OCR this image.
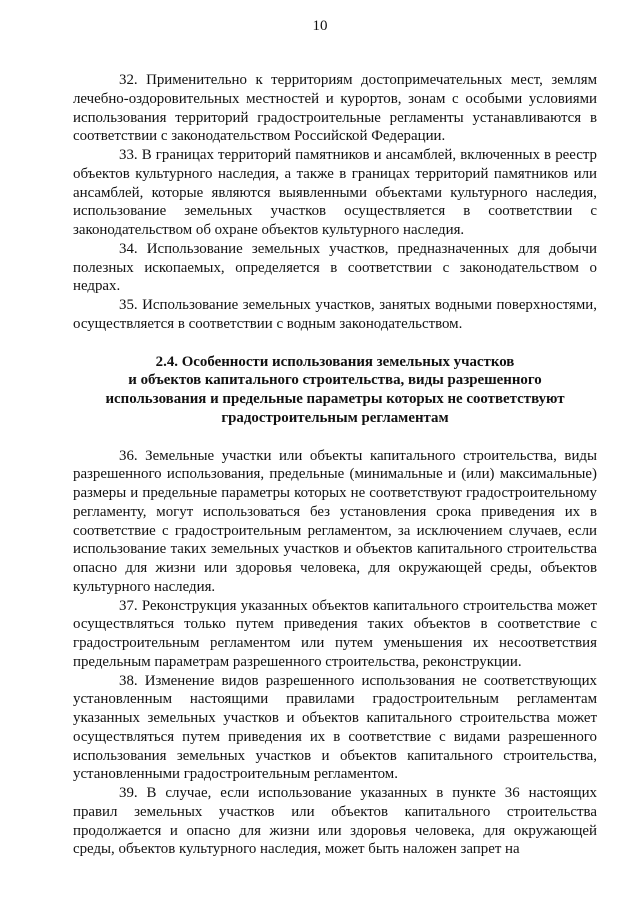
10

32. Применительно к территориям достопримечательных мест, землям лечебно-оздоровительных местностей и курортов, зонам с особыми условиями использования территорий градостроительные регламенты устанавливаются в соответствии с законодательством Российской Федерации.

33. В границах территорий памятников и ансамблей, включенных в реестр объектов культурного наследия, а также в границах территорий памятников или ансамблей, которые являются выявленными объектами культурного наследия, использование земельных участков осуществляется в соответствии с законодательством об охране объектов культурного наследия.

34. Использование земельных участков, предназначенных для добычи полезных ископаемых, определяется в соответствии с законодательством о недрах.

35. Использование земельных участков, занятых водными поверхностями, осуществляется в соответствии с водным законодательством.

2.4. Особенности использования земельных участков
и объектов капитального строительства, виды разрешенного
использования и предельные параметры которых не соответствуют
градостроительным регламентам

36. Земельные участки или объекты капитального строительства, виды разрешенного использования, предельные (минимальные и (или) максимальные) размеры и предельные параметры которых не соответствуют градостроительному регламенту, могут использоваться без установления срока приведения их в соответствие с градостроительным регламентом, за исключением случаев, если использование таких земельных участков и объектов капитального строительства опасно для жизни или здоровья человека, для окружающей среды, объектов культурного наследия.

37. Реконструкция указанных объектов капитального строительства может осуществляться только путем приведения таких объектов в соответствие с градостроительным регламентом или путем уменьшения их несоответствия предельным параметрам разрешенного строительства, реконструкции.

38. Изменение видов разрешенного использования не соответствующих установленным настоящими правилами градостроительным регламентам указанных земельных участков и объектов капитального строительства может осуществляться путем приведения их в соответствие с видами разрешенного использования земельных участков и объектов капитального строительства, установленными градостроительным регламентом.

39. В случае, если использование указанных в пункте 36 настоящих правил земельных участков или объектов капитального строительства продолжается и опасно для жизни или здоровья человека, для окружающей среды, объектов культурного наследия, может быть наложен запрет на
